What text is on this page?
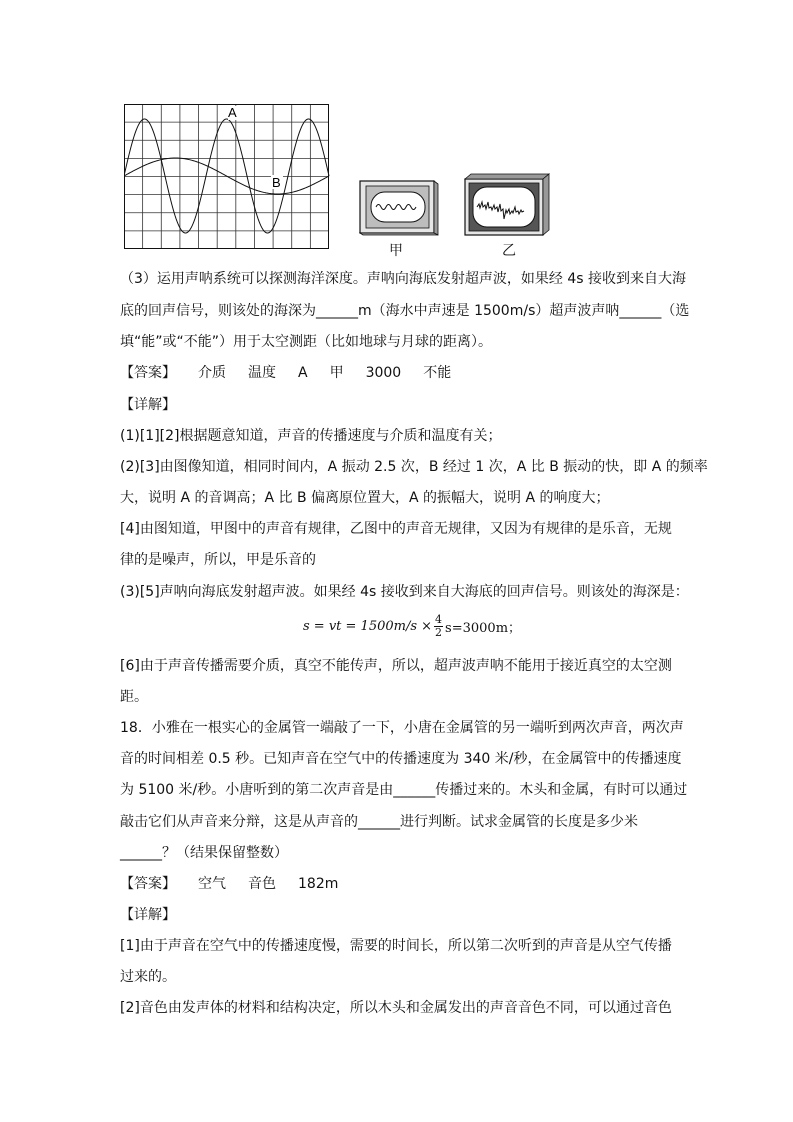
A
B
甲	乙
（3）运用声呐系统可以探测海洋深度。声呐向海底发射超声波，如果经 4s 接收到来自大海
底的回声信号，则该处的海深为______m（海水中声速是 1500m/s）超声波声呐______（选
填“能”或“不能”）用于太空测距（比如地球与月球的距离）。
【答案】 介质 温度 A 甲 3000 不能
【详解】
(1)[1][2]根据题意知道，声音的传播速度与介质和温度有关；
(2)[3]由图像知道，相同时间内，A 振动 2.5 次，B 经过 1 次，A 比 B 振动的快，即 A 的频率
大，说明 A 的音调高；A 比 B 偏离原位置大，A 的振幅大，说明 A 的响度大；
[4]由图知道，甲图中的声音有规律，乙图中的声音无规律，又因为有规律的是乐音，无规
律的是噪声，所以，甲是乐音的
(3)[5]声呐向海底发射超声波。如果经 4s 接收到来自大海底的回声信号。则该处的海深是：
s = vt = $1500m/s \times \frac{4}{2} s=3000m$；
[6]由于声音传播需要介质，真空不能传声，所以，超声波声呐不能用于接近真空的太空测
距。
18．小雅在一根实心的金属管一端敲了一下，小唐在金属管的另一端听到两次声音，两次声
音的时间相差 0.5 秒。已知声音在空气中的传播速度为 340 米/秒，在金属管中的传播速度
为 5100 米/秒。小唐听到的第二次声音是由______传播过来的。木头和金属，有时可以通过
敲击它们从声音来分辩，这是从声音的______进行判断。试求金属管的长度是多少米
______？（结果保留整数）
【答案】 空气 音色 182m
【详解】
[1]由于声音在空气中的传播速度慢，需要的时间长，所以第二次听到的声音是从空气传播
过来的。
[2]音色由发声体的材料和结构决定，所以木头和金属发出的声音音色不同，可以通过音色
